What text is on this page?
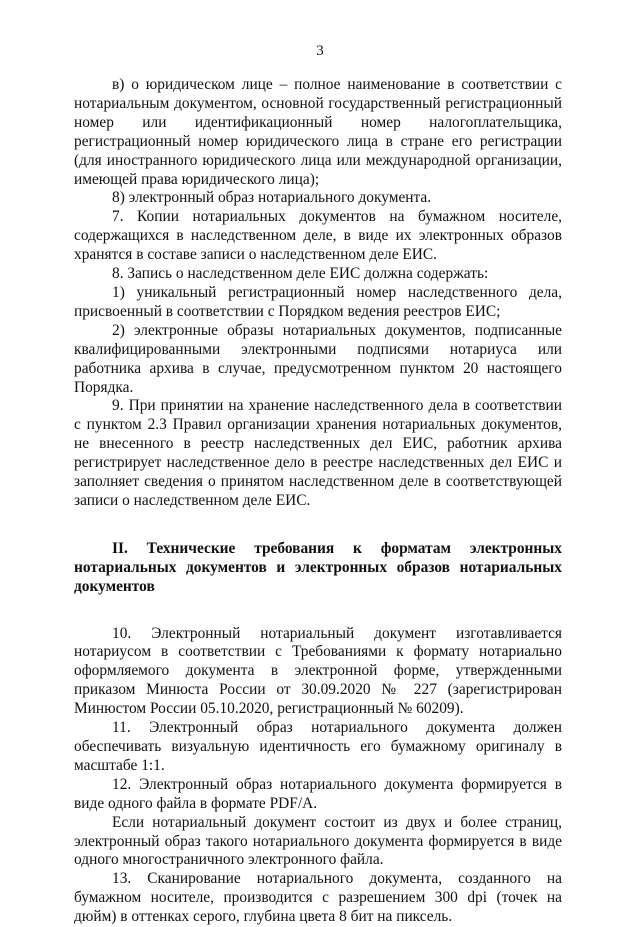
3

в) о юридическом лице – полное наименование в соответствии с нотариальным документом, основной государственный регистрационный номер или идентификационный номер налогоплательщика, регистрационный номер юридического лица в стране его регистрации (для иностранного юридического лица или международной организации, имеющей права юридического лица);

8) электронный образ нотариального документа.

7. Копии нотариальных документов на бумажном носителе, содержащихся в наследственном деле, в виде их электронных образов хранятся в составе записи о наследственном деле ЕИС.

8. Запись о наследственном деле ЕИС должна содержать:

1) уникальный регистрационный номер наследственного дела, присвоенный в соответствии с Порядком ведения реестров ЕИС;

2) электронные образы нотариальных документов, подписанные квалифицированными электронными подписями нотариуса или работника архива в случае, предусмотренном пунктом 20 настоящего Порядка.

9. При принятии на хранение наследственного дела в соответствии с пунктом 2.3 Правил организации хранения нотариальных документов, не внесенного в реестр наследственных дел ЕИС, работник архива регистрирует наследственное дело в реестре наследственных дел ЕИС и заполняет сведения о принятом наследственном деле в соответствующей записи о наследственном деле ЕИС.

II. Технические требования к форматам электронных нотариальных документов и электронных образов нотариальных документов

10. Электронный нотариальный документ изготавливается нотариусом в соответствии с Требованиями к формату нотариально оформляемого документа в электронной форме, утвержденными приказом Минюста России от 30.09.2020 № 227 (зарегистрирован Минюстом России 05.10.2020, регистрационный № 60209).

11. Электронный образ нотариального документа должен обеспечивать визуальную идентичность его бумажному оригиналу в масштабе 1:1.

12. Электронный образ нотариального документа формируется в виде одного файла в формате PDF/A.

Если нотариальный документ состоит из двух и более страниц, электронный образ такого нотариального документа формируется в виде одного многостраничного электронного файла.

13. Сканирование нотариального документа, созданного на бумажном носителе, производится с разрешением 300 dpi (точек на дюйм) в оттенках серого, глубина цвета 8 бит на пиксель.
